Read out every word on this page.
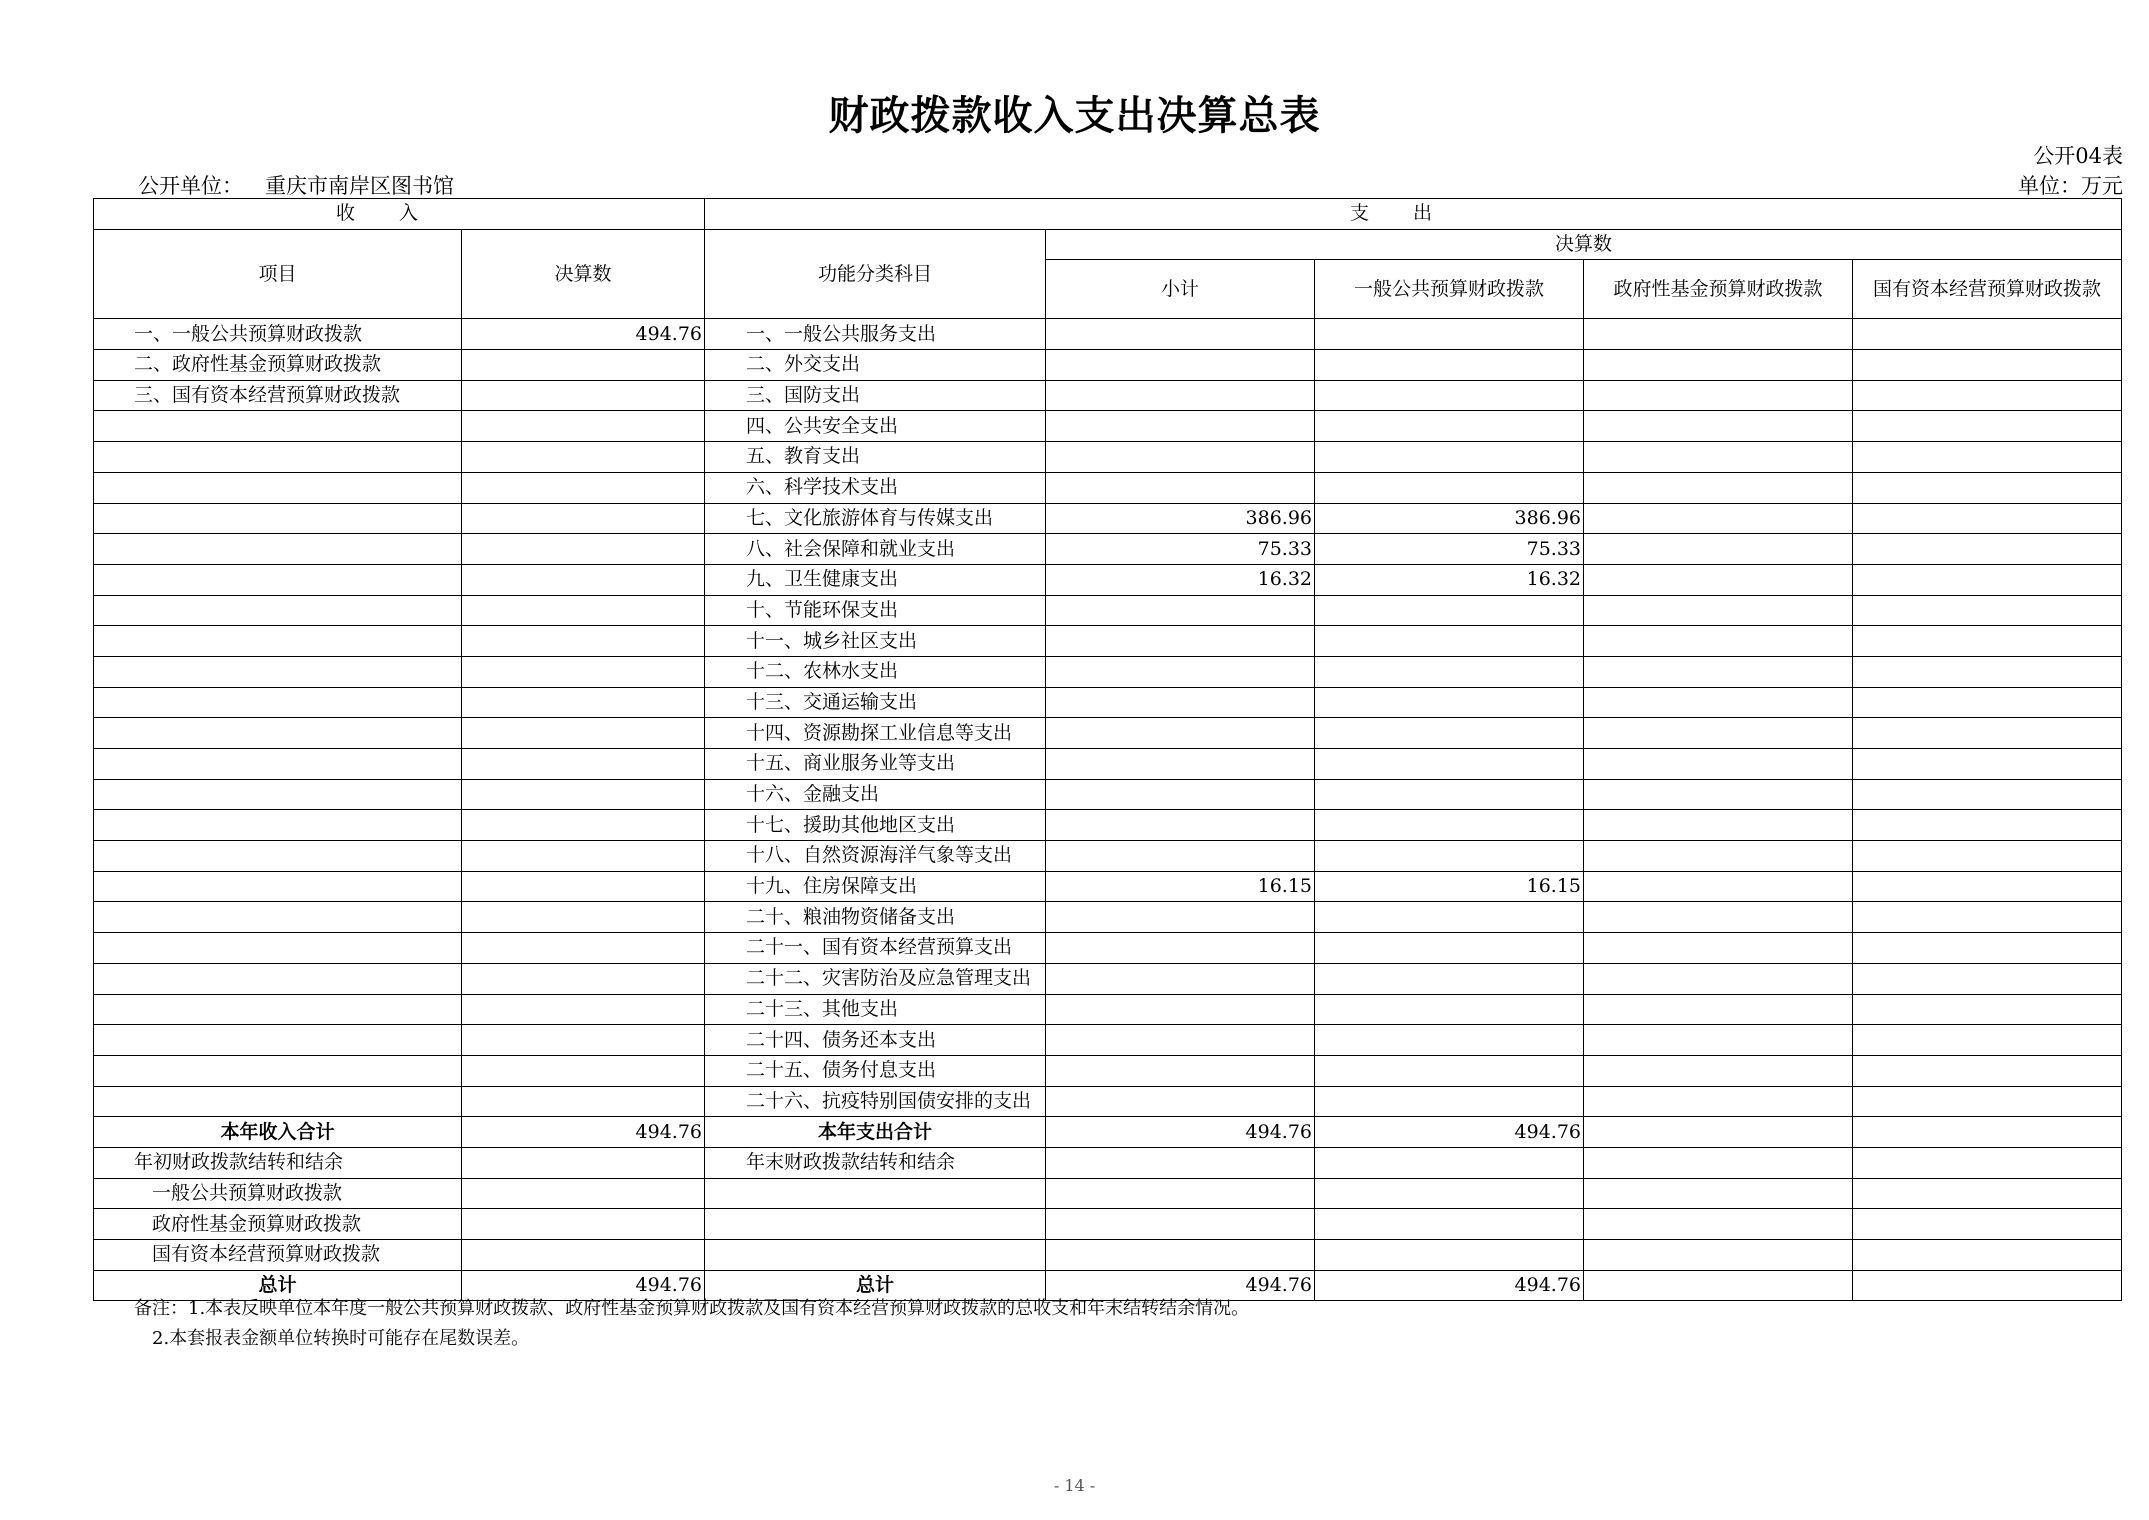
财政拨款收入支出决算总表
公开04表
公开单位： 重庆市南岸区图书馆	单位：万元
收入		支出				
项目	决算数	功能分类科目	决算数			
			小计	一般公共预算财政拨款	政府性基金预算财政拨款	国有资本经营预算财政拨款
一、一般公共预算财政拨款	494.76	一、一般公共服务支出				
二、政府性基金预算财政拨款		二、外交支出				
三、国有资本经营预算财政拨款		三、国防支出				
		四、公共安全支出				
		五、教育支出				
		六、科学技术支出				
		七、文化旅游体育与传媒支出	386.96	386.96		
		八、社会保障和就业支出	75.33	75.33		
		九、卫生健康支出	16.32	16.32		
		十、节能环保支出				
		十一、城乡社区支出				
		十二、农林水支出				
		十三、交通运输支出				
		十四、资源勘探工业信息等支出				
		十五、商业服务业等支出				
		十六、金融支出				
		十七、援助其他地区支出				
		十八、自然资源海洋气象等支出				
		十九、住房保障支出	16.15	16.15		
		二十、粮油物资储备支出				
		二十一、国有资本经营预算支出				
		二十二、灾害防治及应急管理支出				
		二十三、其他支出				
		二十四、债务还本支出				
		二十五、债务付息支出				
		二十六、抗疫特别国债安排的支出				
本年收入合计	494.76	本年支出合计	494.76	494.76		
年初财政拨款结转和结余		年末财政拨款结转和结余				
一般公共预算财政拨款						
政府性基金预算财政拨款						
国有资本经营预算财政拨款						
总计	494.76	总计	494.76	494.76		
备注：1.本表反映单位本年度一般公共预算财政拨款、政府性基金预算财政拨款及国有资本经营预算财政拨款的总收支和年末结转结余情况。
2.本套报表金额单位转换时可能存在尾数误差。
- 14 -
